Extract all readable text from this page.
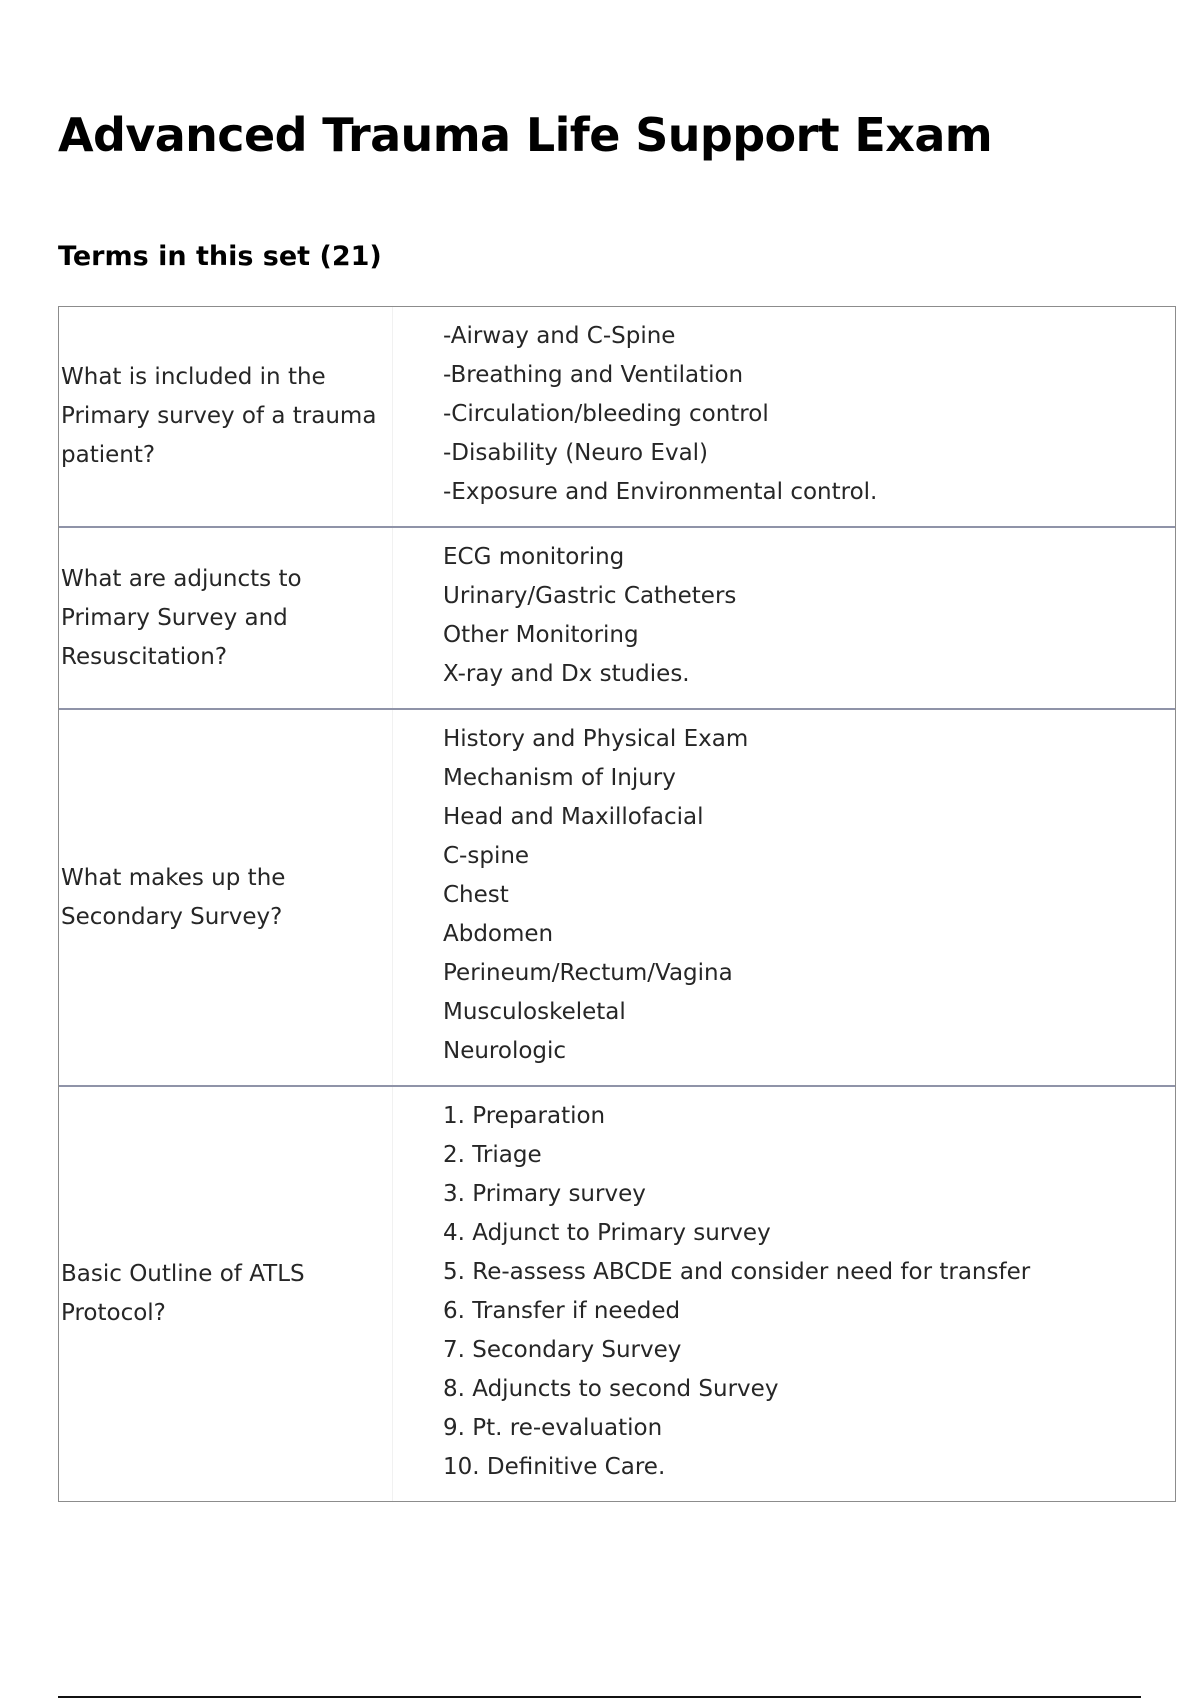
Advanced Trauma Life Support Exam
Terms in this set (21)
What is included in the Primary survey of a trauma patient?
-Airway and C-Spine
-Breathing and Ventilation
-Circulation/bleeding control
-Disability (Neuro Eval)
-Exposure and Environmental control.
What are adjuncts to Primary Survey and Resuscitation?
ECG monitoring
Urinary/Gastric Catheters
Other Monitoring
X-ray and Dx studies.
What makes up the Secondary Survey?
History and Physical Exam
Mechanism of Injury
Head and Maxillofacial
C-spine
Chest
Abdomen
Perineum/Rectum/Vagina
Musculoskeletal
Neurologic
Basic Outline of ATLS Protocol?
1. Preparation
2. Triage
3. Primary survey
4. Adjunct to Primary survey
5. Re-assess ABCDE and consider need for transfer
6. Transfer if needed
7. Secondary Survey
8. Adjuncts to second Survey
9. Pt. re-evaluation
10. Definitive Care.
